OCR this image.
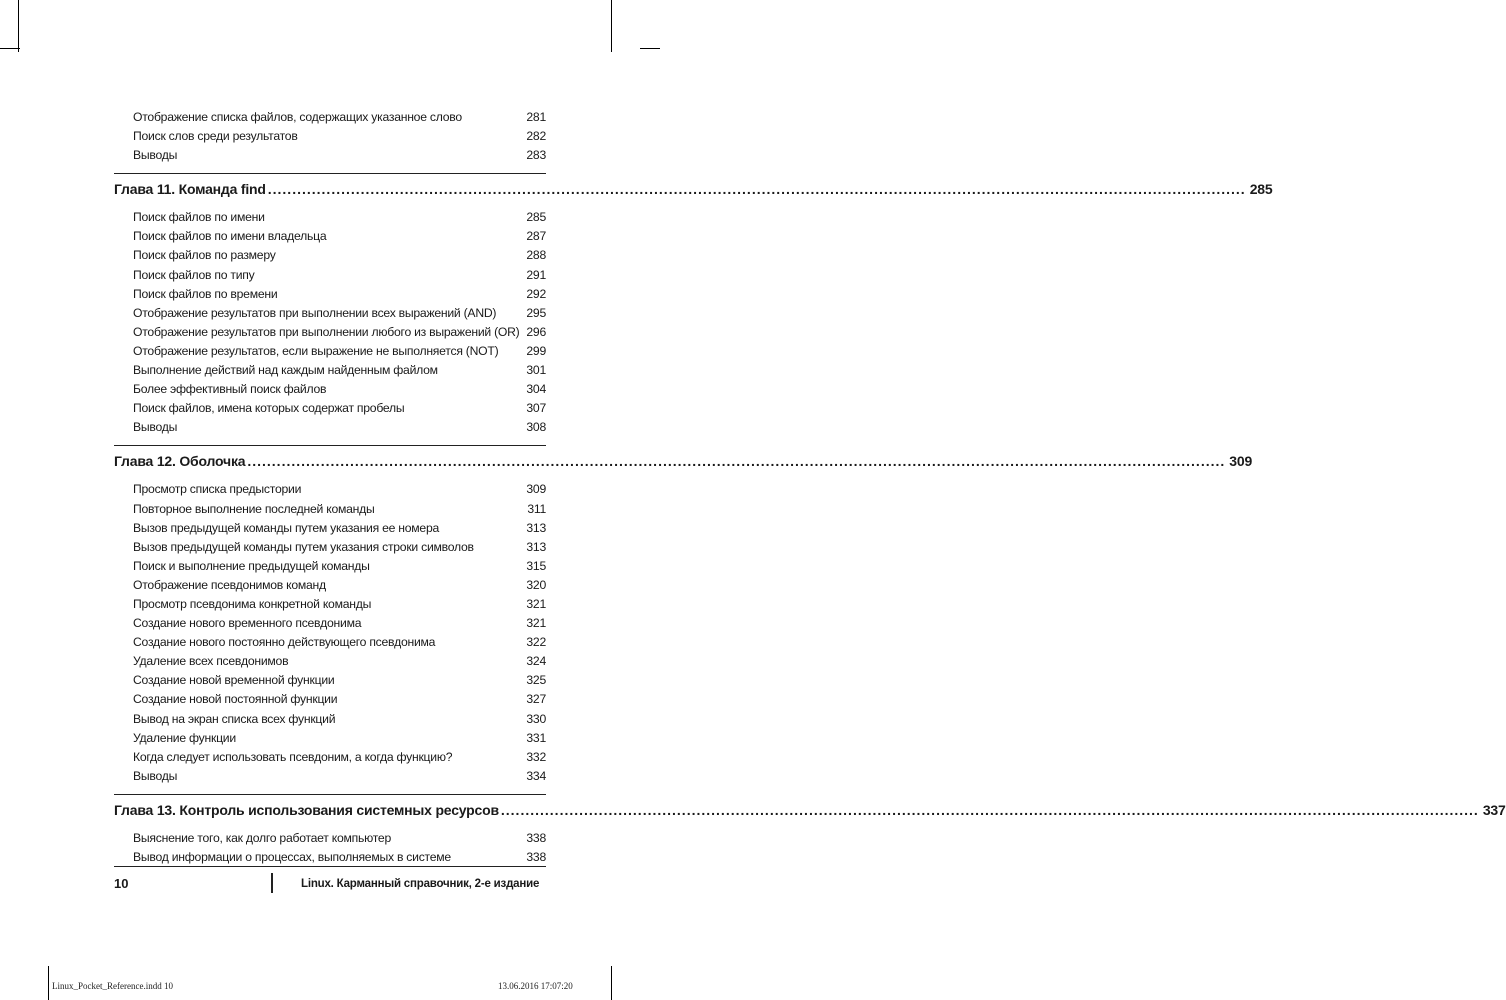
Отображение списка файлов, содержащих указанное слово	281
Поиск слов среди результатов	282
Выводы	283
Глава 11. Команда find ........................................................................................................................................................................................................ 285
Поиск файлов по имени	285
Поиск файлов по имени владельца	287
Поиск файлов по размеру	288
Поиск файлов по типу	291
Поиск файлов по времени	292
Отображение результатов при выполнении всех выражений (AND) 295
Отображение результатов при выполнении любого из выражений (OR) 296
Отображение результатов, если выражение не выполняется (NOT) 299
Выполнение действий над каждым найденным файлом	301
Более эффективный поиск файлов	304
Поиск файлов, имена которых содержат пробелы	307
Выводы	308
Глава 12. Оболочка ........................................................................................................................................................................................................ 309
Просмотр списка предыстории	309
Повторное выполнение последней команды	311
Вызов предыдущей команды путем указания ее номера	313
Вызов предыдущей команды путем указания строки символов	313
Поиск и выполнение предыдущей команды	315
Отображение псевдонимов команд	320
Просмотр псевдонима конкретной команды	321
Создание нового временного псевдонима	321
Создание нового постоянно действующего псевдонима	322
Удаление всех псевдонимов	324
Создание новой временной функции	325
Создание новой постоянной функции	327
Вывод на экран списка всех функций	330
Удаление функции	331
Когда следует использовать псевдоним, а когда функцию?	332
Выводы	334
Глава 13. Контроль использования системных ресурсов ........................................................................................................................................................................................................ 337
Выяснение того, как долго работает компьютер	338
Вывод информации о процессах, выполняемых в системе	338
10	Linux. Карманный справочник, 2-е издание
Linux_Pocket_Reference.indd 10	13.06.2016 17:07:20
